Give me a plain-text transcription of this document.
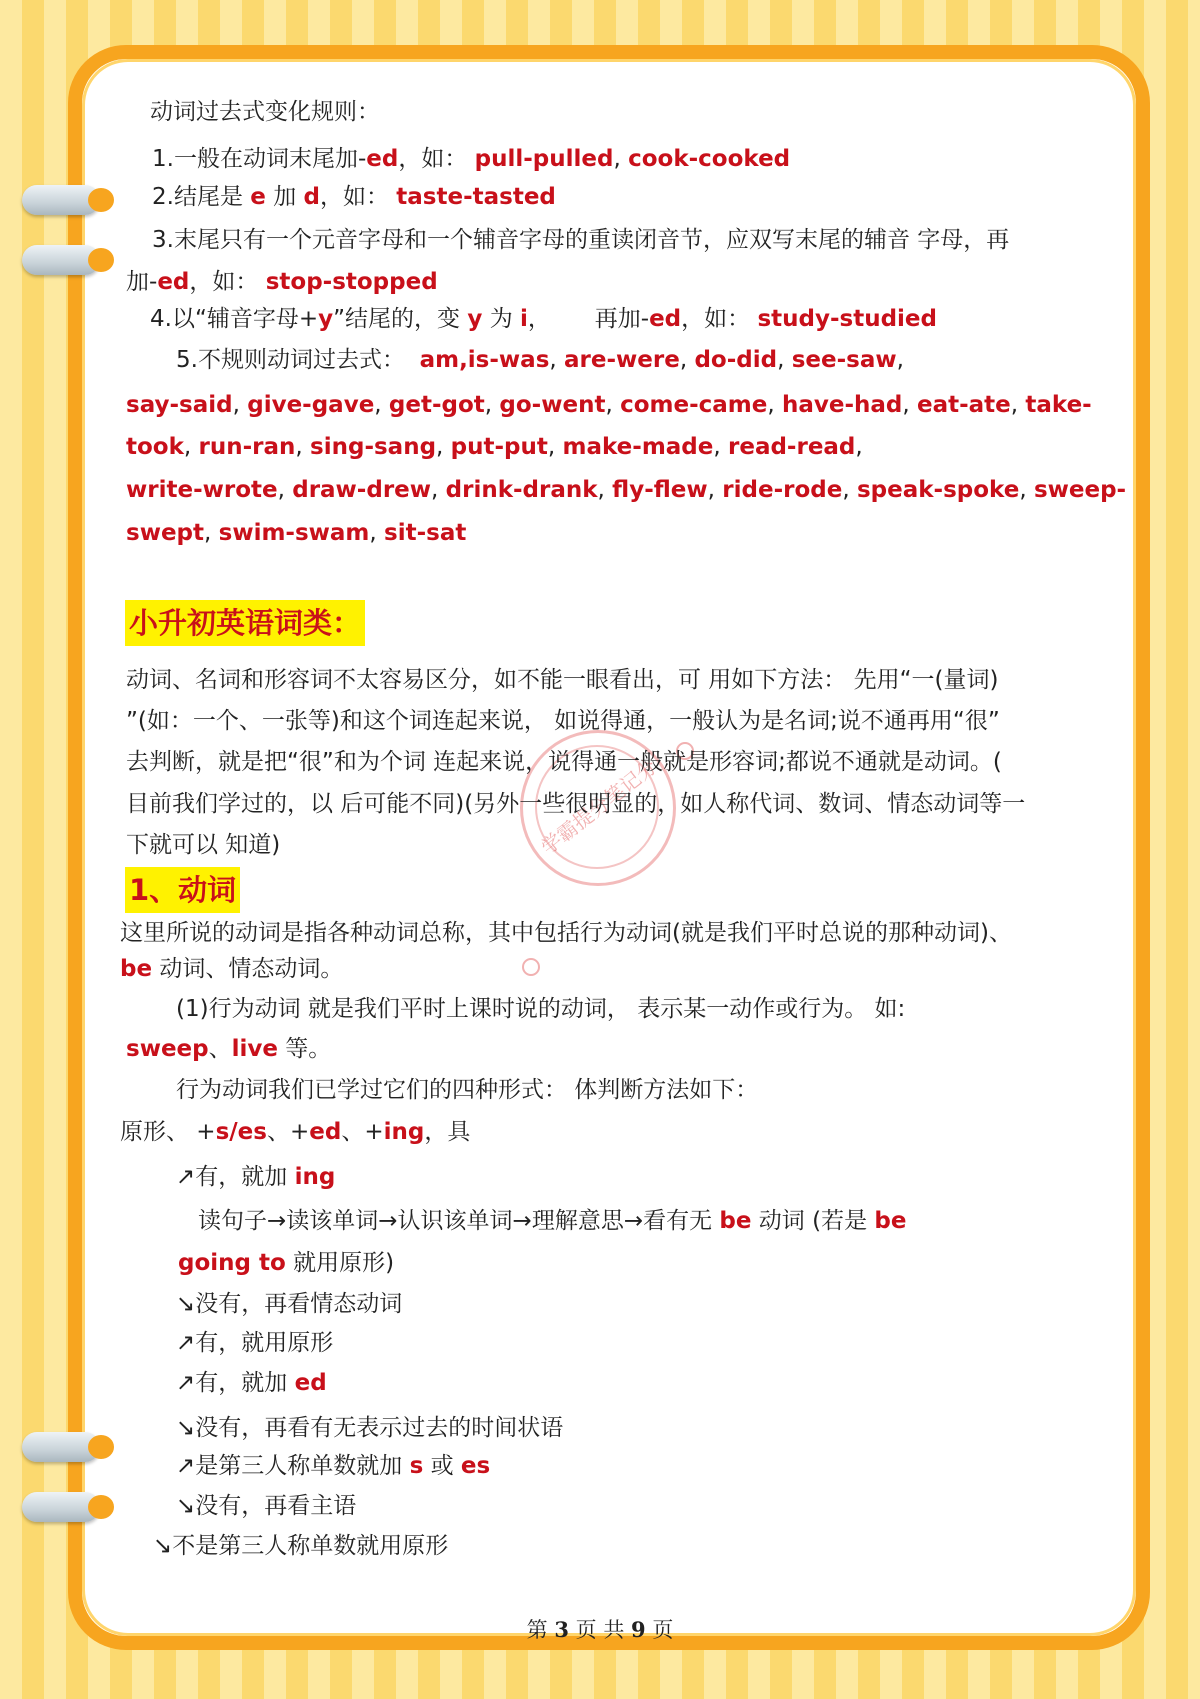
学霸提分笔记分
动词过去式变化规则：
1.一般在动词末尾加-ed，如： pull-pulled, cook-cooked
2.结尾是 e 加 d，如： taste-tasted
3.末尾只有一个元音字母和一个辅音字母的重读闭音节，应双写末尾的辅音 字母，再
加-ed，如： stop-stopped
4.以“辅音字母+y”结尾的，变 y 为 i， 再加-ed，如： study-studied
5.不规则动词过去式： am,is-was, are-were, do-did, see-saw,
say-said, give-gave, get-got, go-went, come-came, have-had, eat-ate, take-
took, run-ran, sing-sang, put-put, make-made, read-read,
write-wrote, draw-drew, drink-drank, fly-flew, ride-rode, speak-spoke, sweep-
swept, swim-swam, sit-sat
小升初英语词类：
动词、名词和形容词不太容易区分，如不能一眼看出，可 用如下方法： 先用“一(量词)
”(如：一个、一张等)和这个词连起来说， 如说得通，一般认为是名词;说不通再用“很”
去判断，就是把“很”和为个词 连起来说，说得通一般就是形容词;都说不通就是动词。(
目前我们学过的，以 后可能不同)(另外一些很明显的，如人称代词、数词、情态动词等一
下就可以 知道)
1、动词
这里所说的动词是指各种动词总称，其中包括行为动词(就是我们平时总说的那种动词)、
be 动词、情态动词。
(1)行为动词 就是我们平时上课时说的动词， 表示某一动作或行为。 如:
sweep、live 等。
行为动词我们已学过它们的四种形式： 体判断方法如下：
原形、 +s/es、+ed、+ing，具
↗有，就加 ing
读句子→读该单词→认识该单词→理解意思→看有无 be 动词 (若是 be
going to 就用原形)
↘没有，再看情态动词
↗有，就用原形
↗有，就加 ed
↘没有，再看有无表示过去的时间状语
↗是第三人称单数就加 s 或 es
↘没有，再看主语
↘不是第三人称单数就用原形
第 3 页 共 9 页
